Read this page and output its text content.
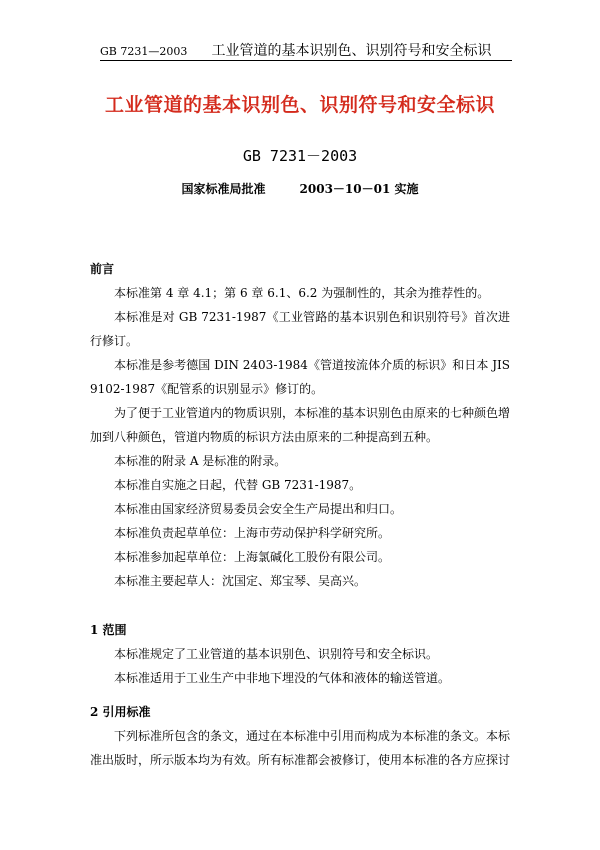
GB 7231—2003 工业管道的基本识别色、识别符号和安全标识
工业管道的基本识别色、识别符号和安全标识
GB 7231－2003
国家标准局批准	2003－10－01 实施
前言

本标准第 4 章 4.1；第 6 章 6.1、6.2 为强制性的，其余为推荐性的。

本标准是对 GB 7231-1987《工业管路的基本识别色和识别符号》首次进行修订。

本标准是参考德国 DIN 2403-1984《管道按流体介质的标识》和日本 JIS 9102-1987《配管系的识别显示》修订的。

为了便于工业管道内的物质识别，本标准的基本识别色由原来的七种颜色增加到八种颜色，管道内物质的标识方法由原来的二种提高到五种。

本标准的附录 A 是标准的附录。

本标准自实施之日起，代替 GB 7231-1987。

本标准由国家经济贸易委员会安全生产局提出和归口。

本标准负责起草单位：上海市劳动保护科学研究所。

本标准参加起草单位：上海氯碱化工股份有限公司。

本标准主要起草人：沈国定、郑宝琴、吴高兴。

1 范围

本标准规定了工业管道的基本识别色、识别符号和安全标识。

本标准适用于工业生产中非地下埋没的气体和液体的输送管道。

2 引用标准

下列标准所包含的条文，通过在本标准中引用而构成为本标准的条文。本标准出版时，所示版本均为有效。所有标准都会被修订，使用本标准的各方应探讨
